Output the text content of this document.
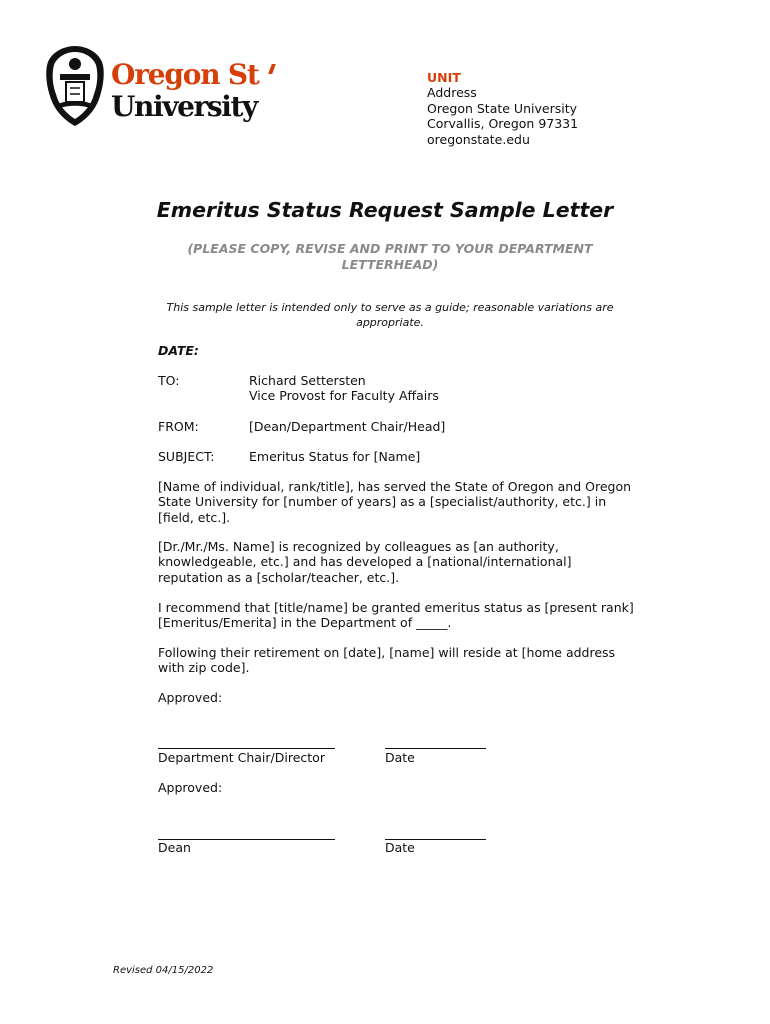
Oregon St
University
UNIT
Address
Oregon State University
Corvallis, Oregon 97331
oregonstate.edu
Emeritus Status Request Sample Letter
(PLEASE COPY, REVISE AND PRINT TO YOUR DEPARTMENT LETTERHEAD)
This sample letter is intended only to serve as a guide; reasonable variations are appropriate.
DATE:
TO:	Richard Settersten
Vice Provost for Faculty Affairs
FROM:	[Dean/Department Chair/Head]
SUBJECT:	Emeritus Status for [Name]
[Name of individual, rank/title], has served the State of Oregon and Oregon State University for [number of years] as a [specialist/authority, etc.] in [field, etc.].
[Dr./Mr./Ms. Name] is recognized by colleagues as [an authority, knowledgeable, etc.] and has developed a [national/international] reputation as a [scholar/teacher, etc.].
I recommend that [title/name] be granted emeritus status as [present rank] [Emeritus/Emerita] in the Department of _____.
Following their retirement on [date], [name] will reside at [home address with zip code].
Approved:
Department Chair/Director	Date
Approved:
Dean	Date
Revised 04/15/2022
